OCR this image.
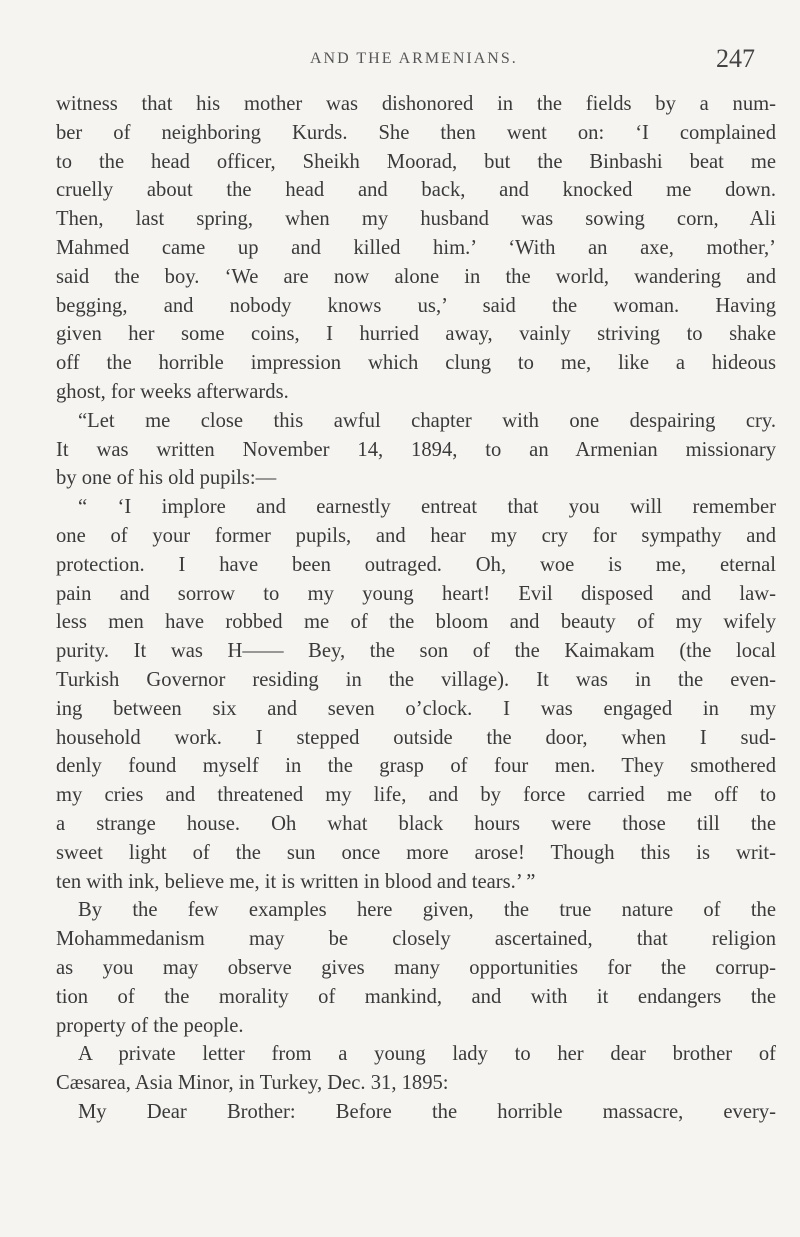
AND THE ARMENIANS.	247
witness that his mother was dishonored in the fields by a num-
ber of neighboring Kurds. She then went on: ‘I complained
to the head officer, Sheikh Moorad, but the Binbashi beat me
cruelly about the head and back, and knocked me down.
Then, last spring, when my husband was sowing corn, Ali
Mahmed came up and killed him.’ ‘With an axe, mother,’
said the boy. ‘We are now alone in the world, wandering and
begging, and nobody knows us,’ said the woman. Having
given her some coins, I hurried away, vainly striving to shake
off the horrible impression which clung to me, like a hideous
ghost, for weeks afterwards.
“Let me close this awful chapter with one despairing cry.
It was written November 14, 1894, to an Armenian missionary
by one of his old pupils:—
“ ‘I implore and earnestly entreat that you will remember
one of your former pupils, and hear my cry for sympathy and
protection. I have been outraged. Oh, woe is me, eternal
pain and sorrow to my young heart! Evil disposed and law-
less men have robbed me of the bloom and beauty of my wifely
purity. It was H—— Bey, the son of the Kaimakam (the local
Turkish Governor residing in the village). It was in the even-
ing between six and seven o’clock. I was engaged in my
household work. I stepped outside the door, when I sud-
denly found myself in the grasp of four men. They smothered
my cries and threatened my life, and by force carried me off to
a strange house. Oh what black hours were those till the
sweet light of the sun once more arose! Though this is writ-
ten with ink, believe me, it is written in blood and tears.’ ”
By the few examples here given, the true nature of the
Mohammedanism may be closely ascertained, that religion
as you may observe gives many opportunities for the corrup-
tion of the morality of mankind, and with it endangers the
property of the people.
A private letter from a young lady to her dear brother of
Cæsarea, Asia Minor, in Turkey, Dec. 31, 1895:
My Dear Brother: Before the horrible massacre, every-
